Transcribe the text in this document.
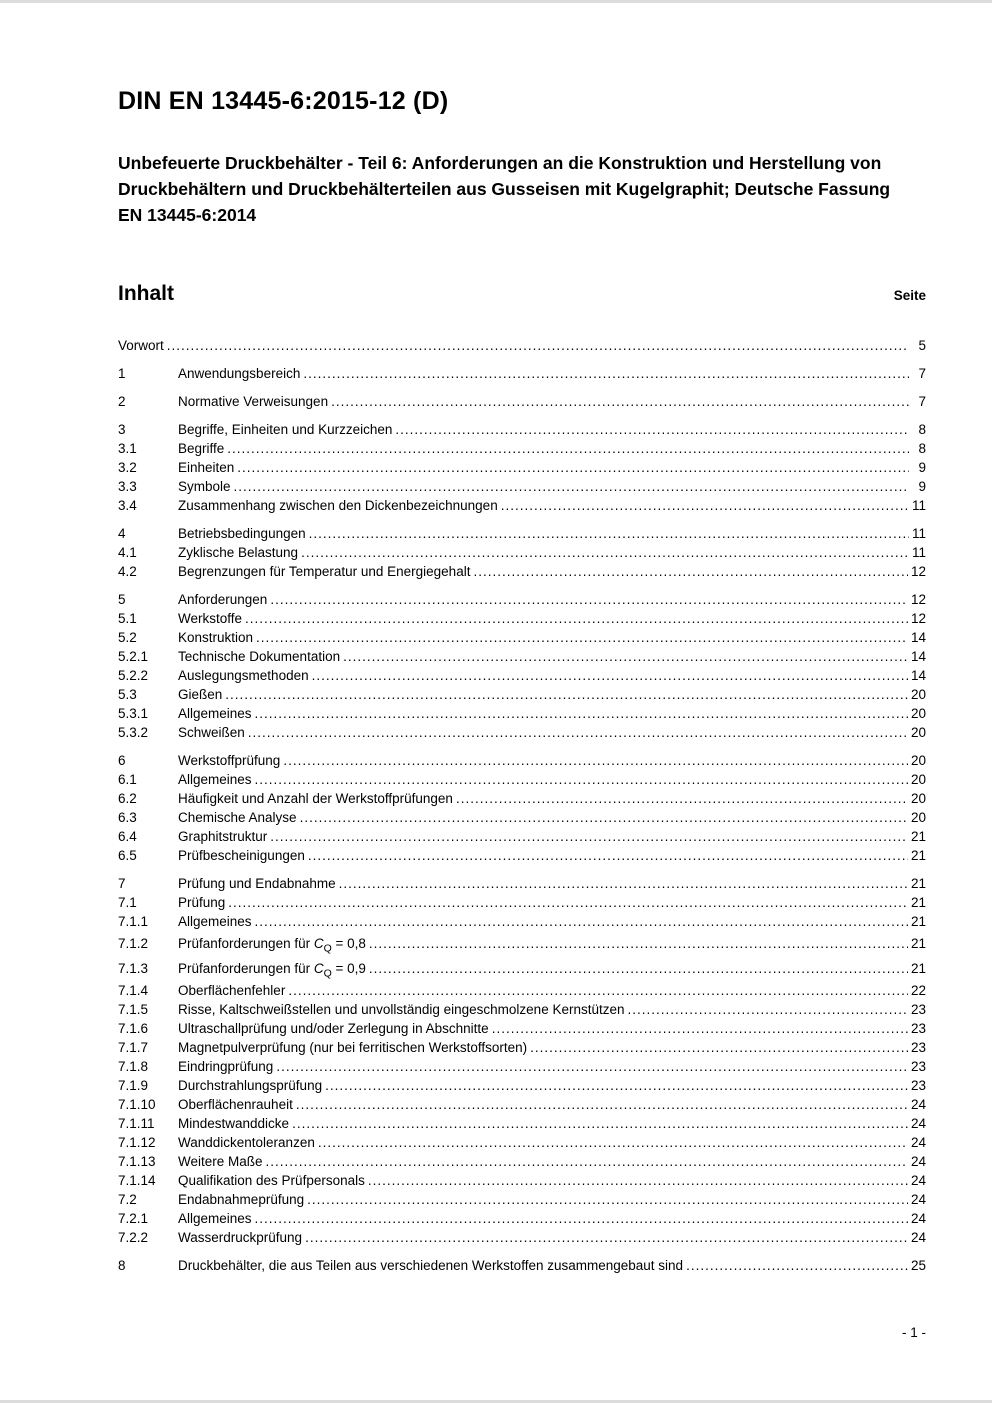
DIN EN 13445-6:2015-12 (D)
Unbefeuerte Druckbehälter - Teil 6: Anforderungen an die Konstruktion und Herstellung von Druckbehältern und Druckbehälterteilen aus Gusseisen mit Kugelgraphit; Deutsche Fassung EN 13445-6:2014
Inhalt	Seite
Vorwort .....	5
1	Anwendungsbereich .....	7
2	Normative Verweisungen .....	7
3	Begriffe, Einheiten und Kurzzeichen .....	8
3.1	Begriffe .....	8
3.2	Einheiten .....	9
3.3	Symbole .....	9
3.4	Zusammenhang zwischen den Dickenbezeichnungen .....	11
4	Betriebsbedingungen .....	11
4.1	Zyklische Belastung .....	11
4.2	Begrenzungen für Temperatur und Energiegehalt .....	12
5	Anforderungen .....	12
5.1	Werkstoffe .....	12
5.2	Konstruktion .....	14
5.2.1	Technische Dokumentation .....	14
5.2.2	Auslegungsmethoden .....	14
5.3	Gießen .....	20
5.3.1	Allgemeines .....	20
5.3.2	Schweißen .....	20
6	Werkstoffprüfung .....	20
6.1	Allgemeines .....	20
6.2	Häufigkeit und Anzahl der Werkstoffprüfungen .....	20
6.3	Chemische Analyse .....	20
6.4	Graphitstruktur .....	21
6.5	Prüfbescheinigungen .....	21
7	Prüfung und Endabnahme .....	21
7.1	Prüfung .....	21
7.1.1	Allgemeines .....	21
7.1.2	Prüfanforderungen für $C_Q = 0,8$ .....	21
7.1.3	Prüfanforderungen für $C_Q = 0,9$ .....	21
7.1.4	Oberflächenfehler .....	22
7.1.5	Risse, Kaltschweißstellen und unvollständig eingeschmolzene Kernstützen .....	23
7.1.6	Ultraschallprüfung und/oder Zerlegung in Abschnitte .....	23
7.1.7	Magnetpulverprüfung (nur bei ferritischen Werkstoffsorten) .....	23
7.1.8	Eindringprüfung .....	23
7.1.9	Durchstrahlungsprüfung .....	23
7.1.10	Oberflächenrauheit .....	24
7.1.11	Mindestwanddicke .....	24
7.1.12	Wanddickentoleranzen .....	24
7.1.13	Weitere Maße .....	24
7.1.14	Qualifikation des Prüfpersonals .....	24
7.2	Endabnahmeprüfung .....	24
7.2.1	Allgemeines .....	24
7.2.2	Wasserdruckprüfung .....	24
8	Druckbehälter, die aus Teilen aus verschiedenen Werkstoffen zusammengebaut sind .....	25
- 1 -
